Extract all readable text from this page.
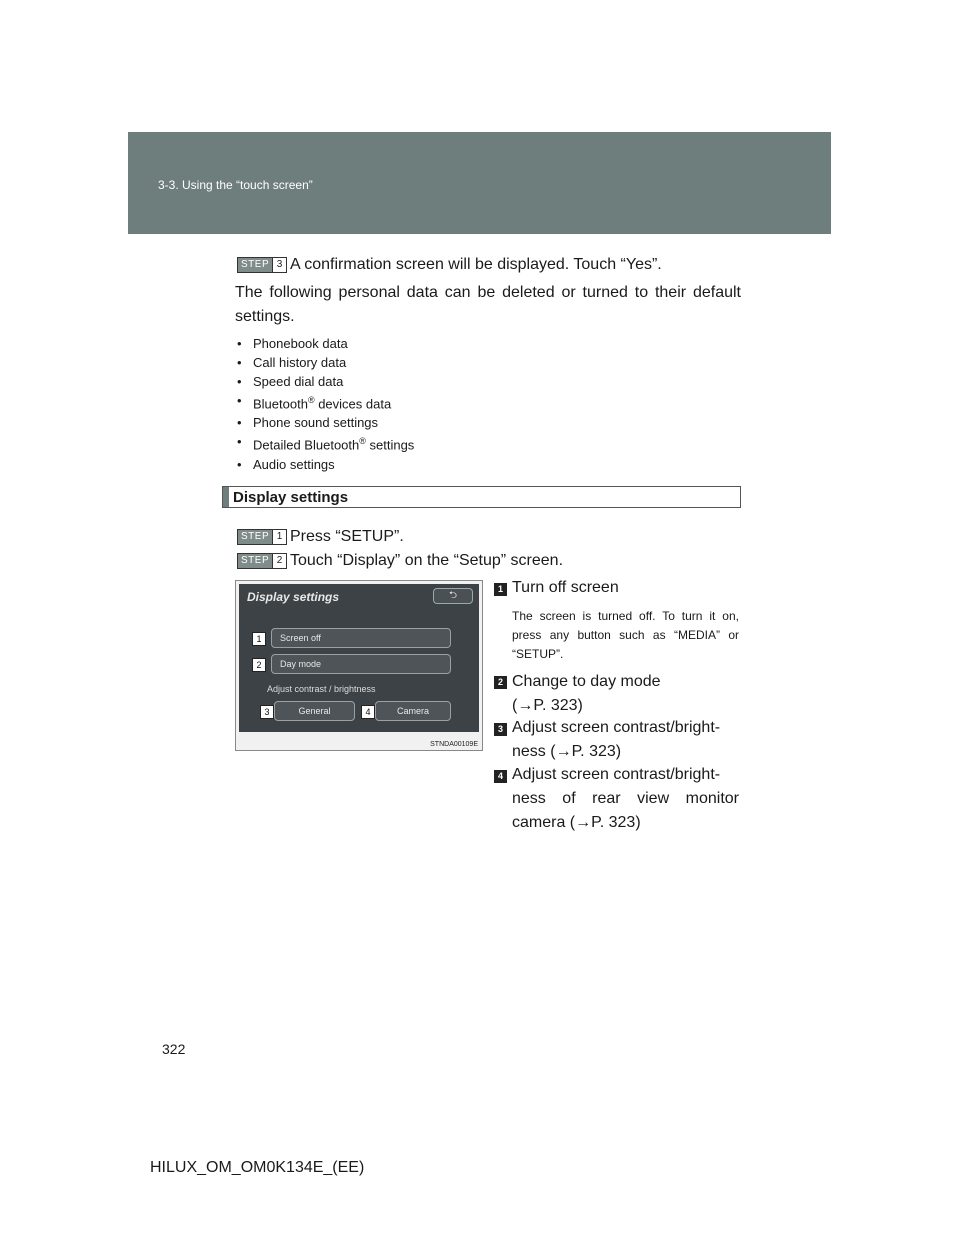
3-3. Using the “touch screen”
STEP 3 A confirmation screen will be displayed. Touch “Yes”.
The following personal data can be deleted or turned to their default settings.
• Phonebook data
• Call history data
• Speed dial data
• Bluetooth® devices data
• Phone sound settings
• Detailed Bluetooth® settings
• Audio settings
Display settings
STEP 1 Press “SETUP”.
STEP 2 Touch “Display” on the “Setup” screen.
Display settings	⮌
1	Screen off
2	Day mode
Adjust contrast / brightness
3	General	4	Camera
STNDA00109E
1 Turn off screen
The screen is turned off. To turn it on, press any button such as “MEDIA” or “SETUP”.
2 Change to day mode
(→P. 323)
3 Adjust screen contrast/bright-
ness (→P. 323)
4 Adjust screen contrast/bright-
ness of rear view monitor
camera (→P. 323)
322
HILUX_OM_OM0K134E_(EE)
